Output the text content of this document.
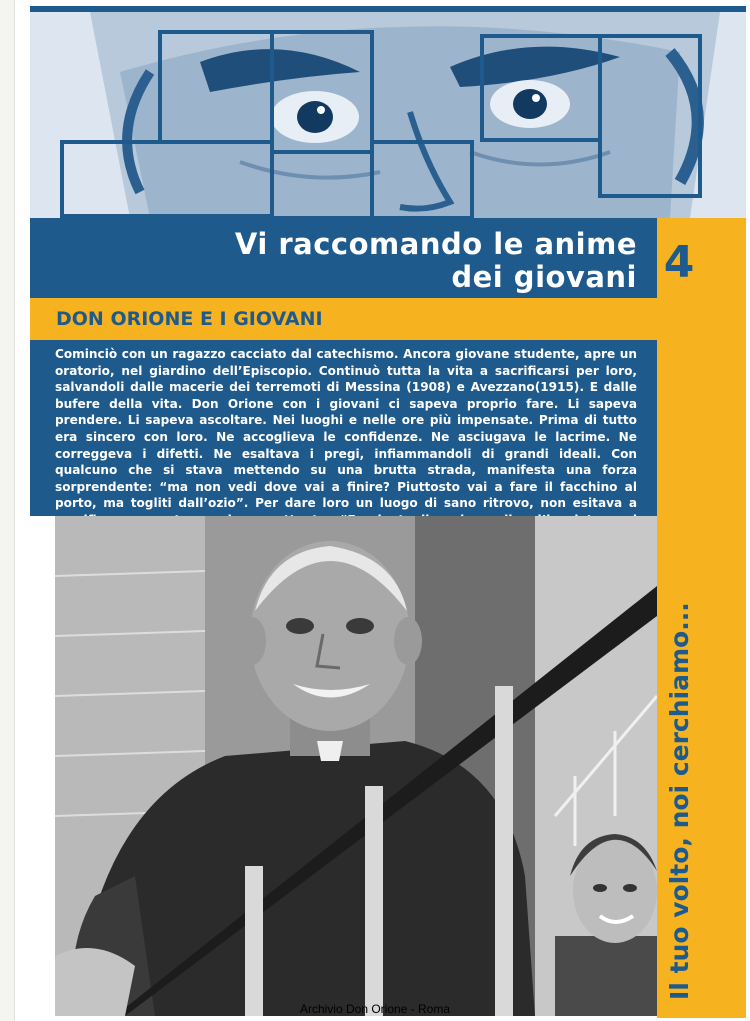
Vi raccomando le anime
dei giovani 4
Il tuo volto, noi cerchiamo...
DON ORIONE E I GIOVANI

Cominciò con un ragazzo cacciato dal catechismo. Ancora giovane studente, apre un oratorio, nel giardino dell’Episcopio. Continuò tutta la vita a sacrificarsi per loro, salvandoli dalle macerie dei terremoti di Messina (1908) e Avezzano(1915). E dalle bufere della vita. Don Orione con i giovani ci sapeva proprio fare. Li sapeva prendere. Li sapeva ascoltare. Nei luoghi e nelle ore più impensate. Prima di tutto era sincero con loro. Ne accoglieva le confidenze. Ne asciugava le lacrime. Ne correggeva i difetti. Ne esaltava i pregi, infiammandoli di grandi ideali. Con qualcuno che si stava mettendo su una brutta strada, manifesta una forza sorprendente: “ma non vedi dove vai a finire? Piuttosto vai a fare il facchino al porto, ma togliti dall’ozio”. Per dare loro un luogo di sano ritrovo, non esitava a

Archivio Don Orione - Roma
